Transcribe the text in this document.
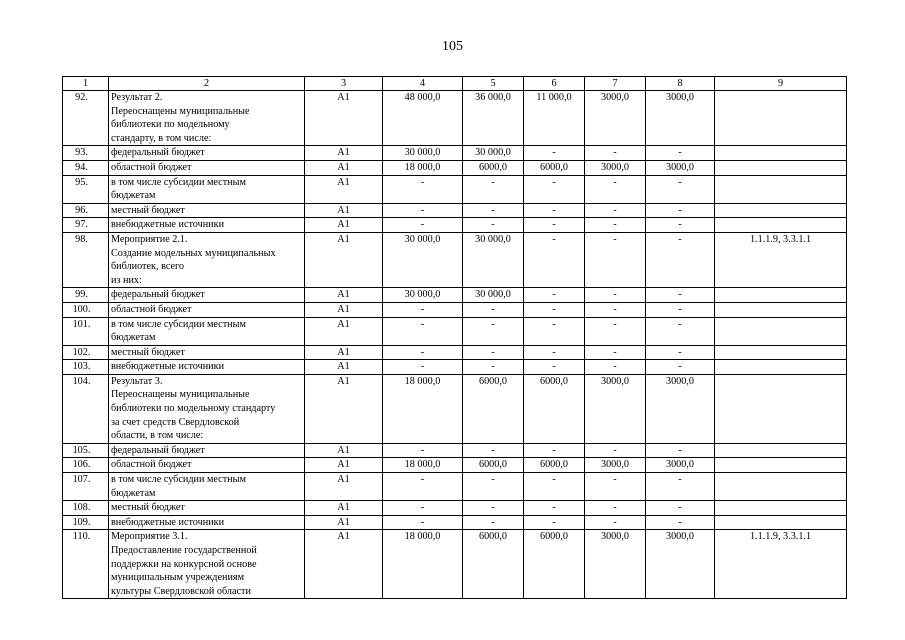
105
1	2	3	4	5	6	7	8	9
92.	Результат 2.
Переоснащены муниципальные
библиотеки по модельному
стандарту, в том числе:	А1	48 000,0	36 000,0	11 000,0	3000,0	3000,0	
93.	федеральный бюджет	А1	30 000,0	30 000,0	-	-	-	
94.	областной бюджет	А1	18 000,0	6000,0	6000,0	3000,0	3000,0	
95.	в том числе субсидии местным
бюджетам	А1	-	-	-	-	-	
96.	местный бюджет	А1	-	-	-	-	-	
97.	внебюджетные источники	А1	-	-	-	-	-	
98.	Мероприятие 2.1.
Создание модельных муниципальных
библиотек, всего
из них:	А1	30 000,0	30 000,0	-	-	-	1.1.1.9, 3.3.1.1
99.	федеральный бюджет	А1	30 000,0	30 000,0	-	-	-	
100.	областной бюджет	А1	-	-	-	-	-	
101.	в том числе субсидии местным
бюджетам	А1	-	-	-	-	-	
102.	местный бюджет	А1	-	-	-	-	-	
103.	внебюджетные источники	А1	-	-	-	-	-	
104.	Результат 3.
Переоснащены муниципальные
библиотеки по модельному стандарту
за счет средств Свердловской
области, в том числе:	А1	18 000,0	6000,0	6000,0	3000,0	3000,0	
105.	федеральный бюджет	А1	-	-	-	-	-	
106.	областной бюджет	А1	18 000,0	6000,0	6000,0	3000,0	3000,0	
107.	в том числе субсидии местным
бюджетам	А1	-	-	-	-	-	
108.	местный бюджет	А1	-	-	-	-	-	
109.	внебюджетные источники	А1	-	-	-	-	-	
110.	Мероприятие 3.1.
Предоставление государственной
поддержки на конкурсной основе
муниципальным учреждениям
культуры Свердловской области	А1	18 000,0	6000,0	6000,0	3000,0	3000,0	1.1.1.9, 3.3.1.1
